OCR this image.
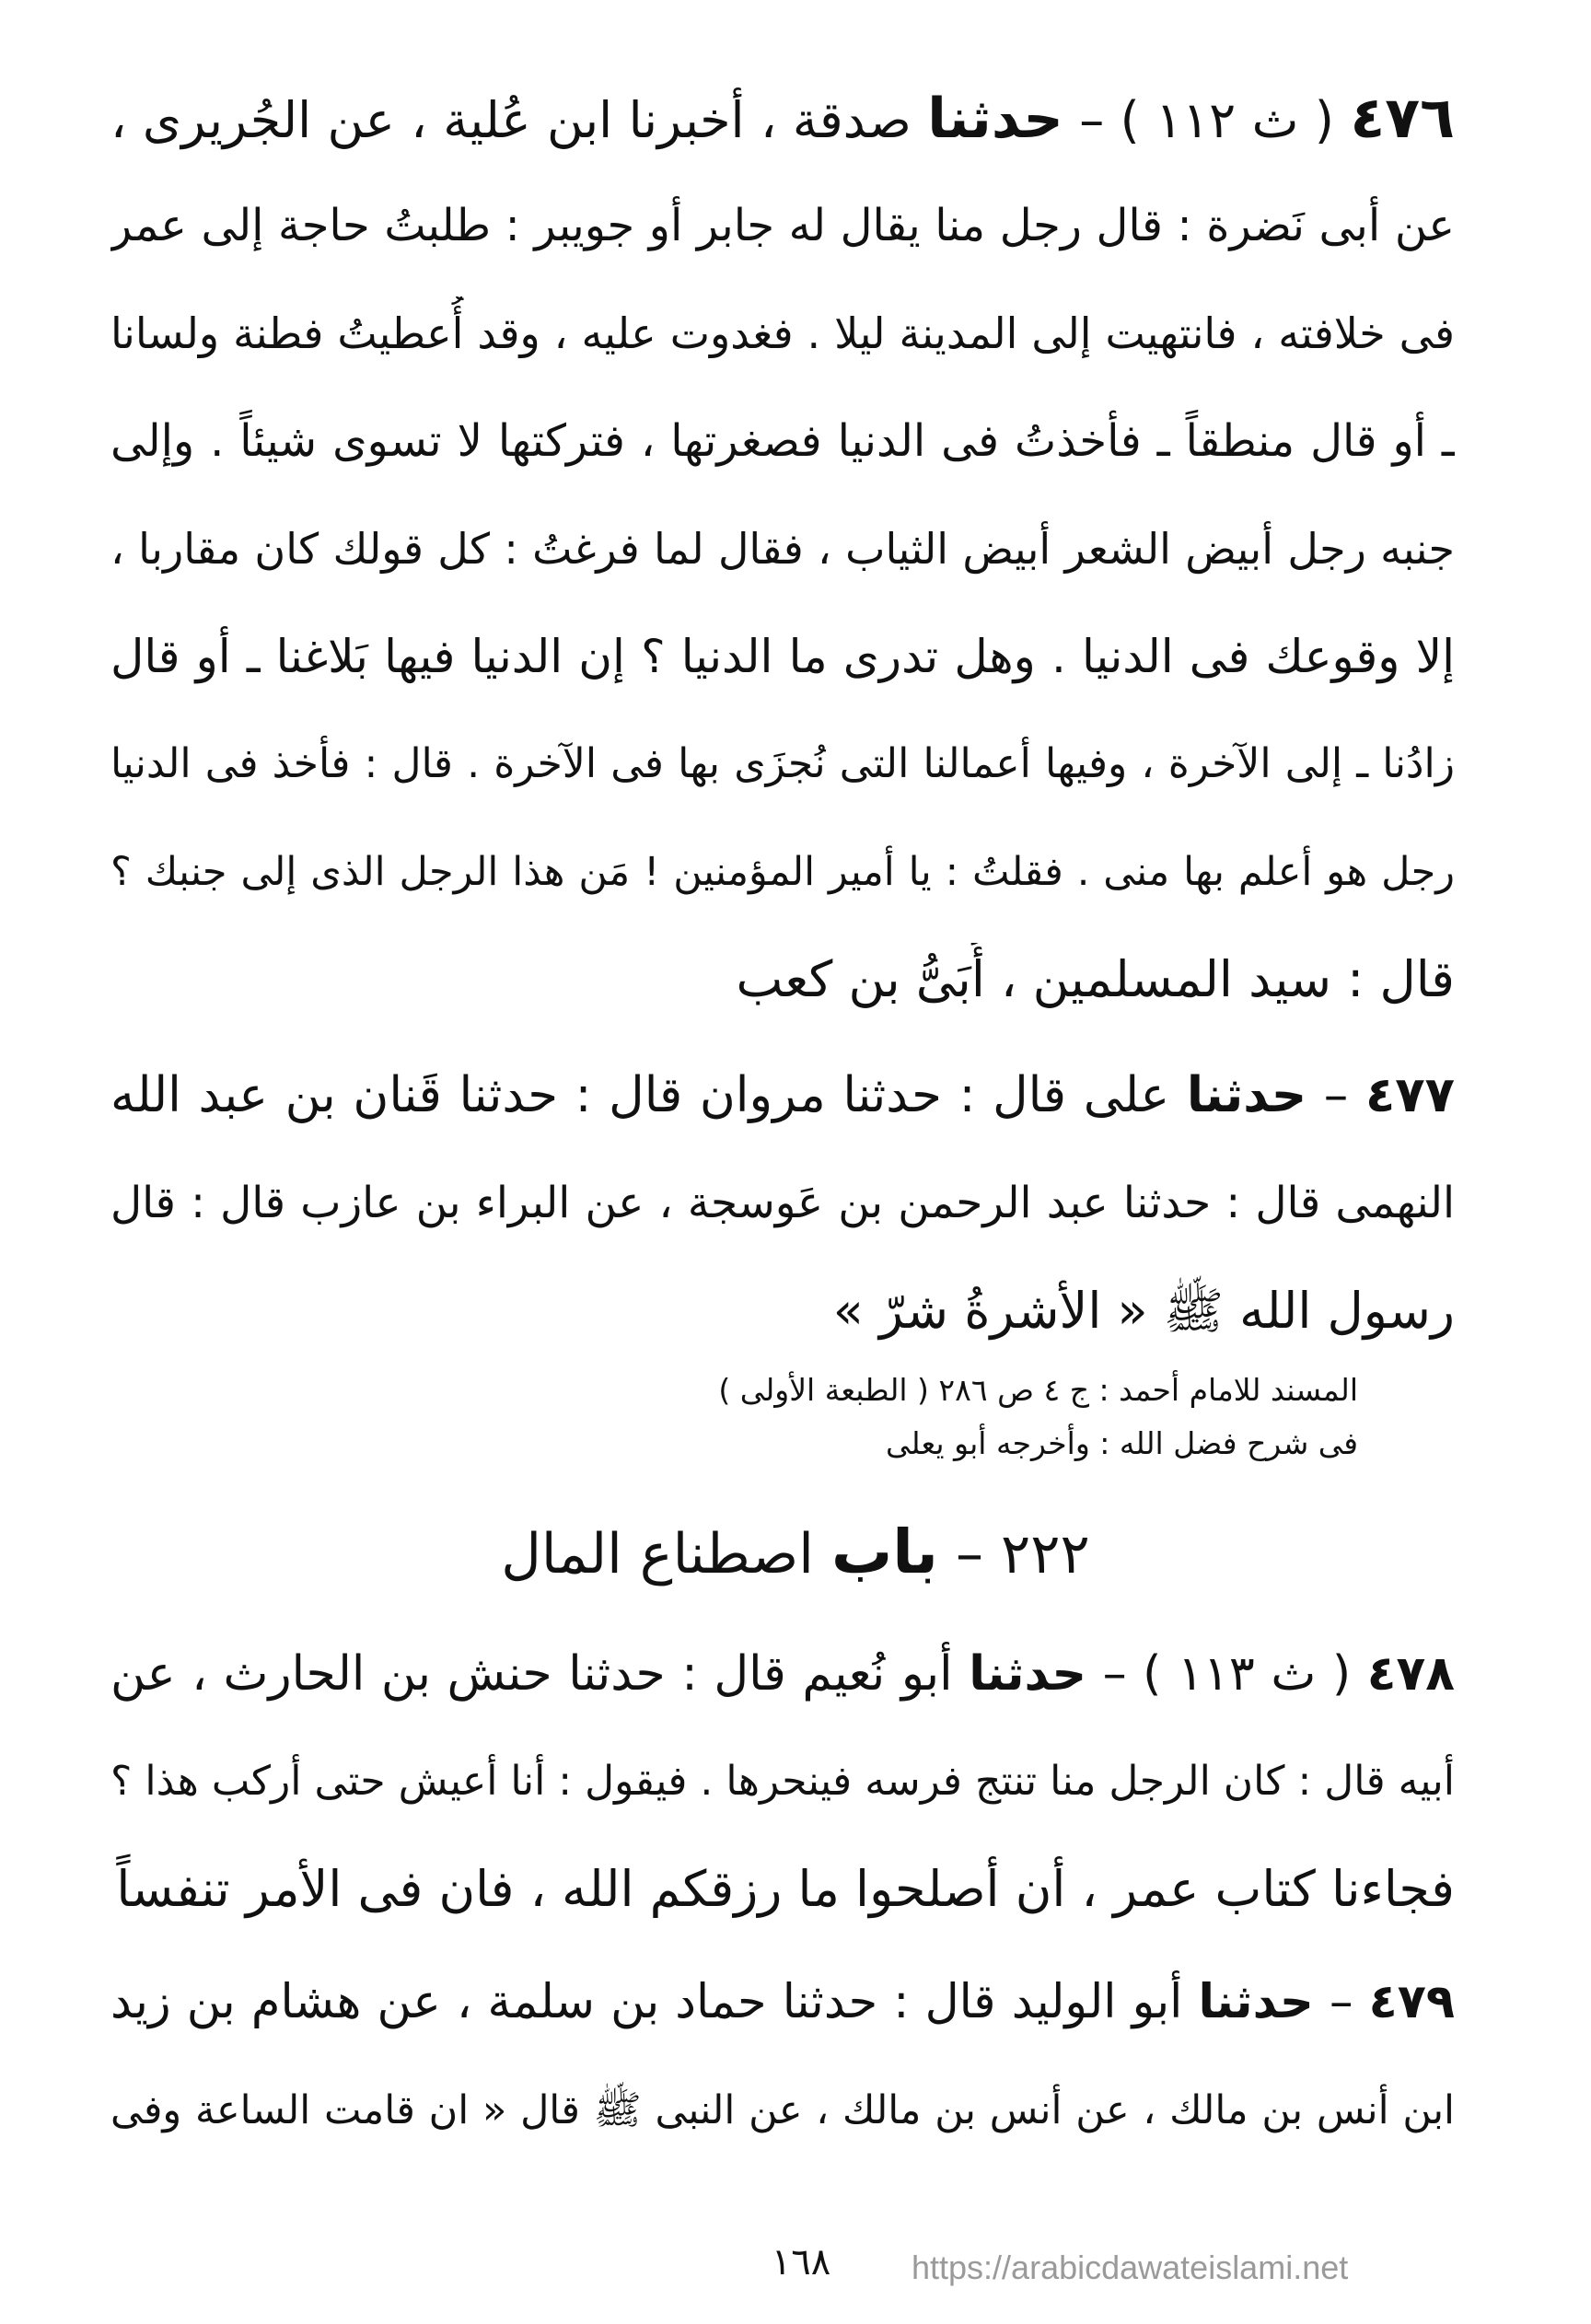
٤٧٦ ( ث ١١٢ ) – حدثنا صدقة ، أخبرنا ابن عُلية ، عن الجُريرى ،
عن أبى نَضرة : قال رجل منا يقال له جابر أو جويبر : طلبتُ حاجة إلى عمر
فى خلافته ، فانتهيت إلى المدينة ليلا . فغدوت عليه ، وقد أُعطيتُ فطنة ولسانا
ـ أو قال منطقاً ـ فأخذتُ فى الدنيا فصغرتها ، فتركتها لا تسوى شيئاً . وإلى
جنبه رجل أبيض الشعر أبيض الثياب ، فقال لما فرغتُ : كل قولك كان مقاربا ،
إلا وقوعك فى الدنيا . وهل تدرى ما الدنيا ؟ إن الدنيا فيها بَلاغنا ـ أو قال
زادُنا ـ إلى الآخرة ، وفيها أعمالنا التى نُجزَى بها فى الآخرة . قال : فأخذ فى الدنيا
رجل هو أعلم بها منى . فقلتُ : يا أمير المؤمنين ! مَن هذا الرجل الذى إلى جنبك ؟
قال : سيد المسلمين ، أُبَىُّ بن كعب
٤٧٧ – حدثنا على قال : حدثنا مروان قال : حدثنا قَنان بن عبد الله
النهمى قال : حدثنا عبد الرحمن بن عَوسجة ، عن البراء بن عازب قال : قال
رسول الله ﷺ « الأشرةُ شرّ »
المسند للامام أحمد : ج ٤ ص ٢٨٦ ( الطبعة الأولى )
فى شرح فضل الله : وأخرجه أبو يعلى
٢٢٢ – باب اصطناع المال
٤٧٨ ( ث ١١٣ ) – حدثنا أبو نُعيم قال : حدثنا حنش بن الحارث ، عن
أبيه قال : كان الرجل منا تنتج فرسه فينحرها . فيقول : أنا أعيش حتى أركب هذا ؟
فجاءنا كتاب عمر ، أن أصلحوا ما رزقكم الله ، فان فى الأمر تنفساً
٤٧٩ – حدثنا أبو الوليد قال : حدثنا حماد بن سلمة ، عن هشام بن زيد
ابن أنس بن مالك ، عن أنس بن مالك ، عن النبى ﷺ قال « ان قامت الساعة وفى
١٦٨	https://arabicdawateislami.net
